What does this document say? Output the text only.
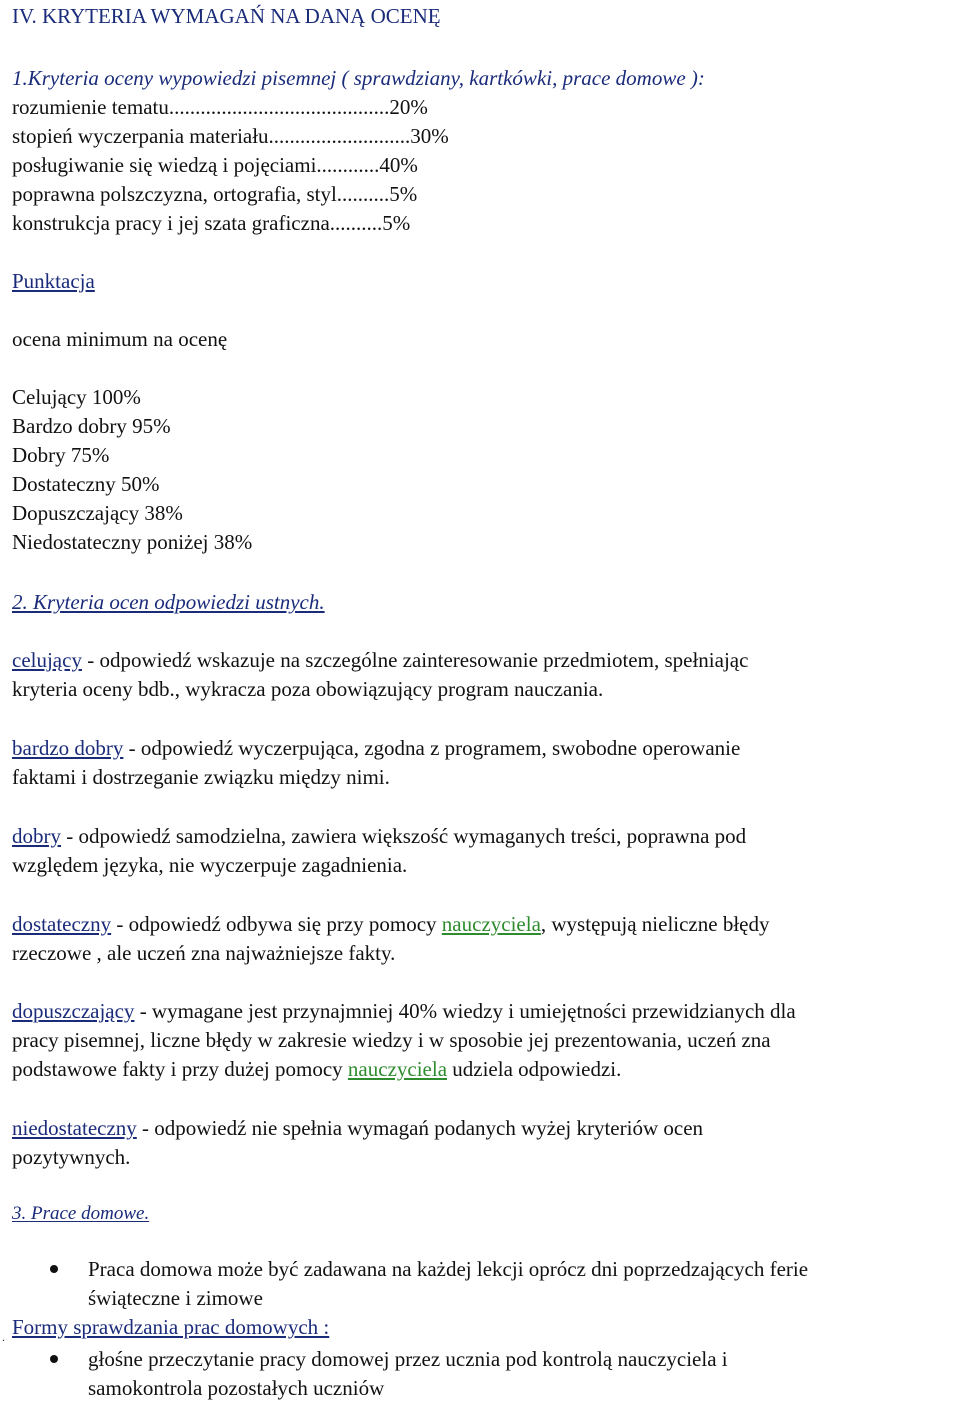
IV. KRYTERIA WYMAGAŃ NA DANĄ OCENĘ
1.Kryteria oceny wypowiedzi pisemnej ( sprawdziany, kartkówki, prace domowe ):
rozumienie tematu..........................................20%
stopień wyczerpania materiału...........................30%
posługiwanie się wiedzą i pojęciami............40%
poprawna polszczyzna, ortografia, styl..........5%
konstrukcja pracy i jej szata graficzna..........5%
Punktacja
ocena minimum na ocenę
Celujący 100%
Bardzo dobry 95%
Dobry 75%
Dostateczny 50%
Dopuszczający 38%
Niedostateczny poniżej 38%
2. Kryteria ocen odpowiedzi ustnych.
celujący - odpowiedź wskazuje na szczególne zainteresowanie przedmiotem, spełniając
kryteria oceny bdb., wykracza poza obowiązujący program nauczania.
bardzo dobry - odpowiedź wyczerpująca, zgodna z programem, swobodne operowanie
faktami i dostrzeganie związku między nimi.
dobry - odpowiedź samodzielna, zawiera większość wymaganych treści, poprawna pod
względem języka, nie wyczerpuje zagadnienia.
dostateczny - odpowiedź odbywa się przy pomocy nauczyciela, występują nieliczne błędy
rzeczowe , ale uczeń zna najważniejsze fakty.
dopuszczający - wymagane jest przynajmniej 40% wiedzy i umiejętności przewidzianych dla
pracy pisemnej, liczne błędy w zakresie wiedzy i w sposobie jej prezentowania, uczeń zna
podstawowe fakty i przy dużej pomocy nauczyciela udziela odpowiedzi.
niedostateczny - odpowiedź nie spełnia wymagań podanych wyżej kryteriów ocen
pozytywnych.
3. Prace domowe.
Praca domowa może być zadawana na każdej lekcji oprócz dni poprzedzających ferie
świąteczne i zimowe
. Formy sprawdzania prac domowych :
głośne przeczytanie pracy domowej przez ucznia pod kontrolą nauczyciela i
samokontrola pozostałych uczniów
